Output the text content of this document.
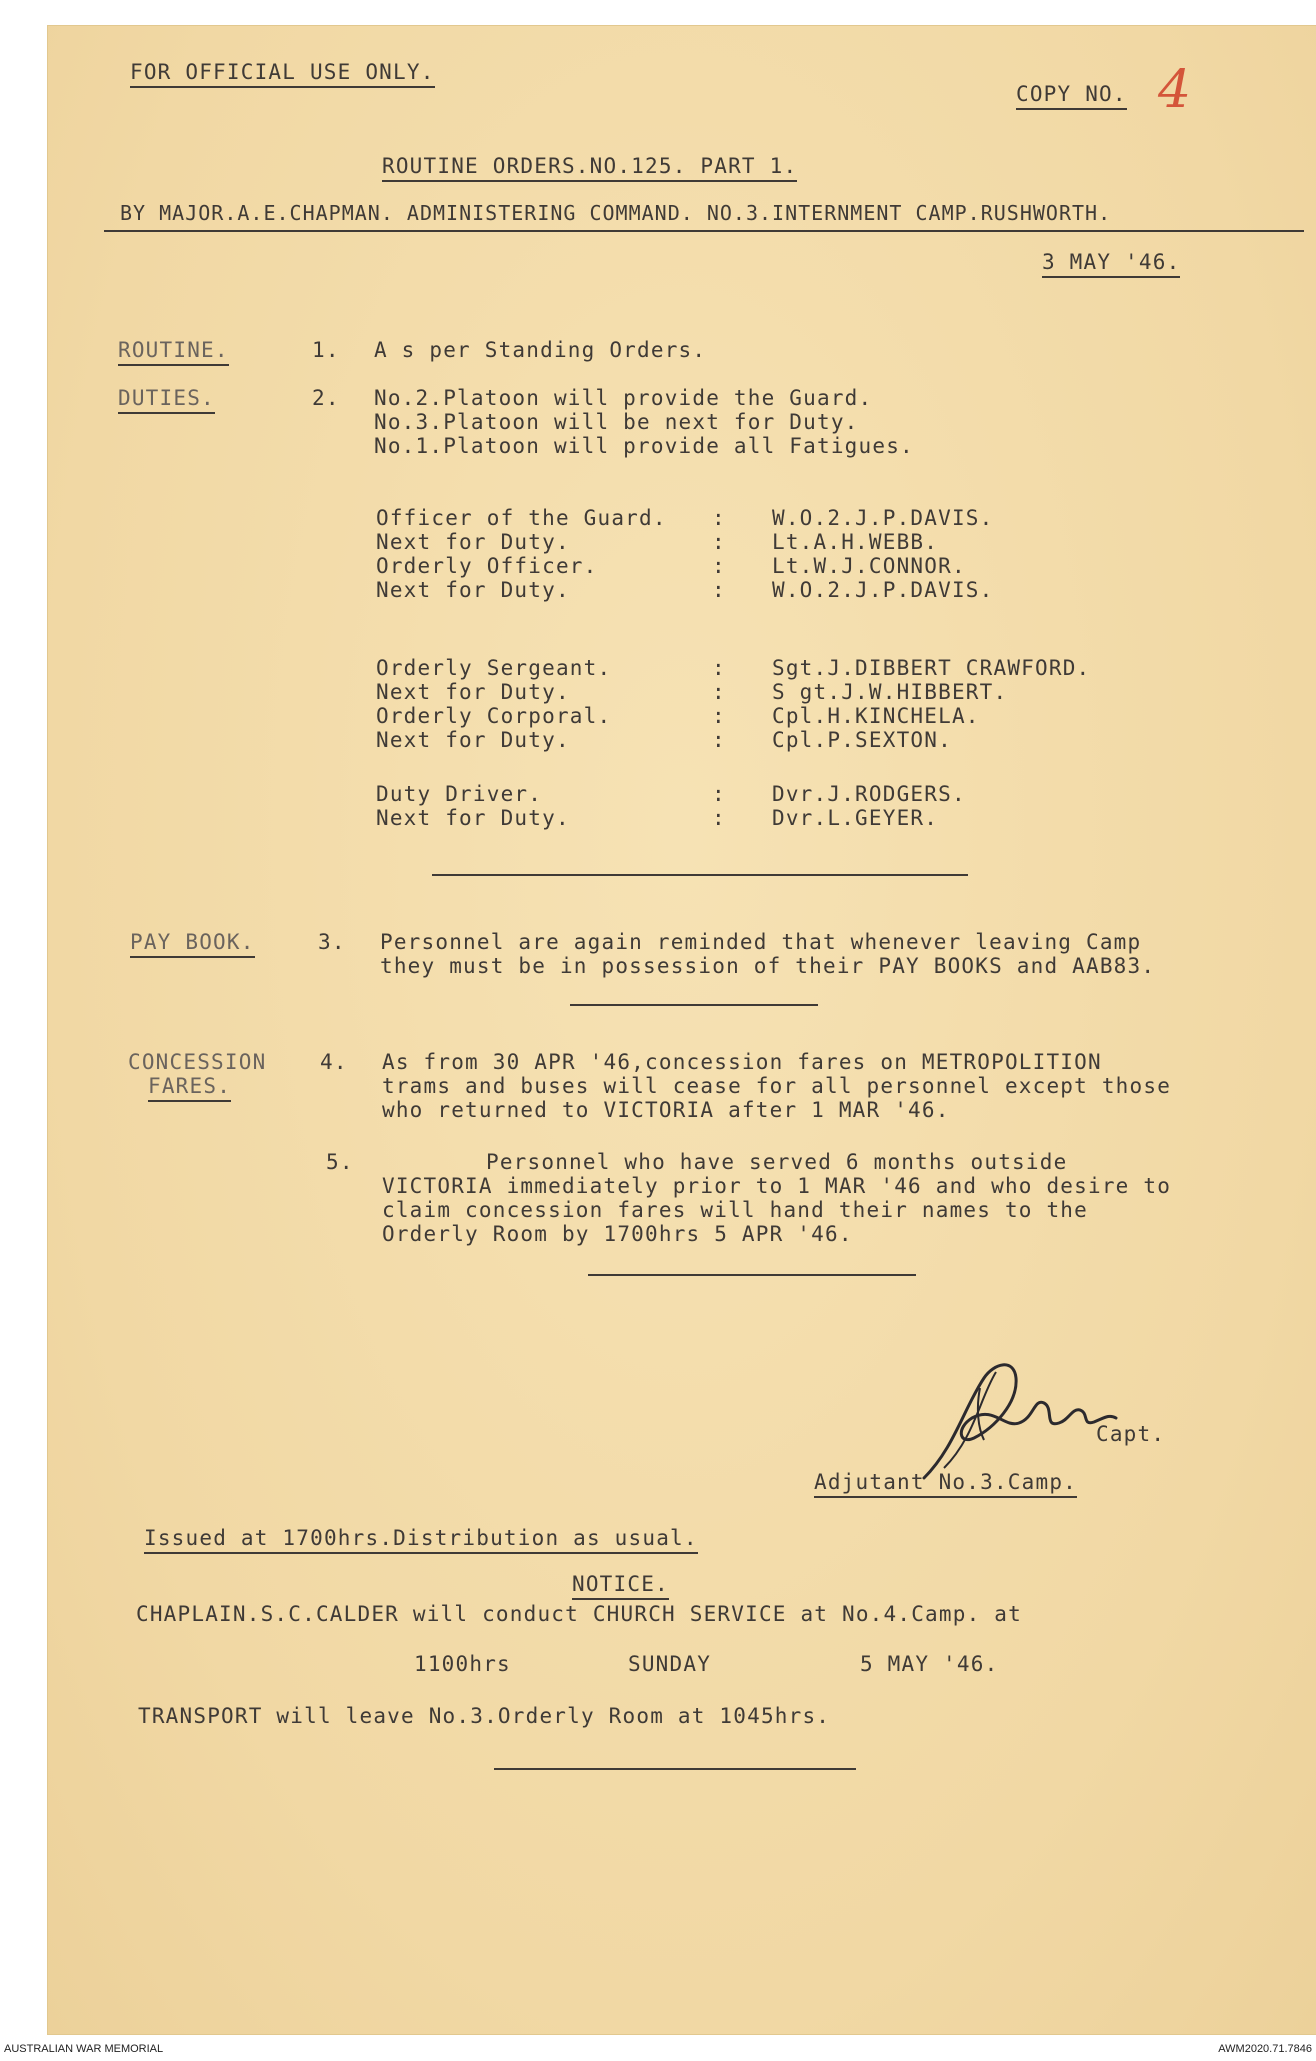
FOR OFFICIAL USE ONLY.
COPY NO. 4
ROUTINE ORDERS.NO.125. PART 1.
BY MAJOR.A.E.CHAPMAN. ADMINISTERING COMMAND. NO.3.INTERNMENT CAMP.RUSHWORTH.
3 MAY '46.
ROUTINE.	1. A s per Standing Orders.
DUTIES.	2. No.2.Platoon will provide the Guard.
No.3.Platoon will be next for Duty.
No.1.Platoon will provide all Fatigues.
Officer of the Guard. : W.O.2.J.P.DAVIS.
Next for Duty.	: Lt.A.H.WEBB.
Orderly Officer.	: Lt.W.J.CONNOR.
Next for Duty.	: W.O.2.J.P.DAVIS.
Orderly Sergeant.	: Sgt.J.DIBBERT CRAWFORD.
Next for Duty.	: S gt.J.W.HIBBERT.
Orderly Corporal.	: Cpl.H.KINCHELA.
Next for Duty.	: Cpl.P.SEXTON.
Duty Driver.	: Dvr.J.RODGERS.
Next for Duty.	: Dvr.L.GEYER.
PAY BOOK.	3. Personnel are again reminded that whenever leaving Camp
they must be in possession of their PAY BOOKS and AAB83.
CONCESSION
FARES.
4. As from 30 APR '46,concession fares on METROPOLITION
trams and buses will cease for all personnel except those
who returned to VICTORIA after 1 MAR '46.
5.	Personnel who have served 6 months outside
VICTORIA immediately prior to 1 MAR '46 and who desire to
claim concession fares will hand their names to the
Orderly Room by 1700hrs 5 APR '46.
Capt.
Adjutant No.3.Camp.
Issued at 1700hrs.Distribution as usual.
NOTICE.
CHAPLAIN.S.C.CALDER will conduct CHURCH SERVICE at No.4.Camp. at
1100hrs	SUNDAY	5 MAY '46.
TRANSPORT will leave No.3.Orderly Room at 1045hrs.
AUSTRALIAN WAR MEMORIAL	AWM2020.71.7846
